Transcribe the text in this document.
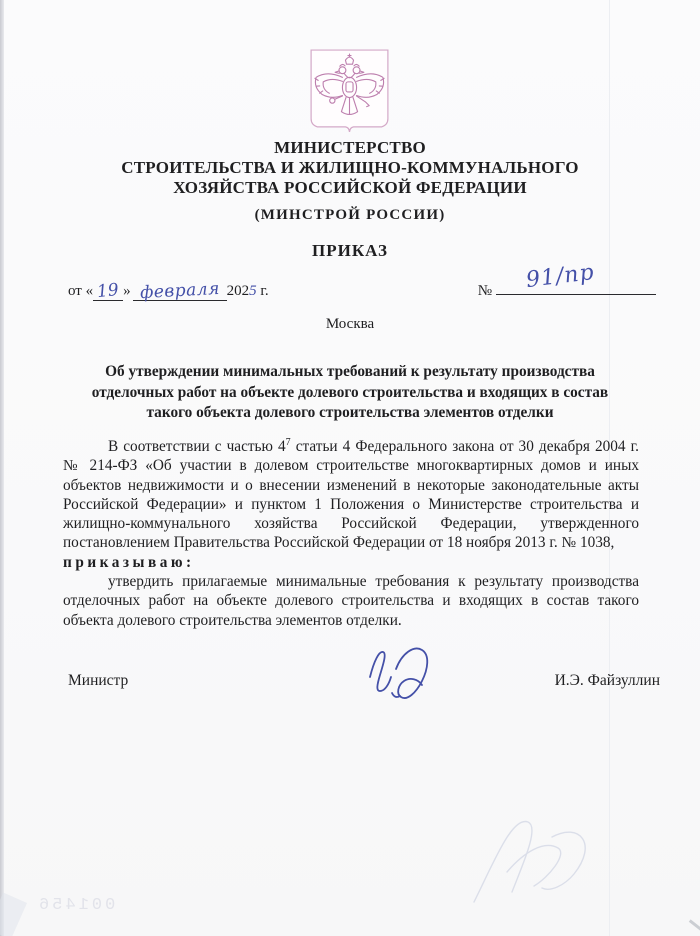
МИНИСТЕРСТВО
СТРОИТЕЛЬСТВА И ЖИЛИЩНО-КОММУНАЛЬНОГО
ХОЗЯЙСТВА РОССИЙСКОЙ ФЕДЕРАЦИИ
(МИНСТРОЙ РОССИИ)
ПРИКАЗ
от « 19 » февраля 2025 г.	№ 91/пр
Москва
Об утверждении минимальных требований к результату производства отделочных работ на объекте долевого строительства и входящих в состав такого объекта долевого строительства элементов отделки

В соответствии с частью $4^7$ статьи 4 Федерального закона от 30 декабря 2004 г. № 214-ФЗ «Об участии в долевом строительстве многоквартирных домов и иных объектов недвижимости и о внесении изменений в некоторые законодательные акты Российской Федерации» и пунктом 1 Положения о Министерстве строительства и жилищно-коммунального хозяйства Российской Федерации, утвержденного постановлением Правительства Российской Федерации от 18 ноября 2013 г. № 1038,

приказываю:

утвердить прилагаемые минимальные требования к результату производства отделочных работ на объекте долевого строительства и входящих в состав такого объекта долевого строительства элементов отделки.

Министр	И.Э. Файзуллин
001456
